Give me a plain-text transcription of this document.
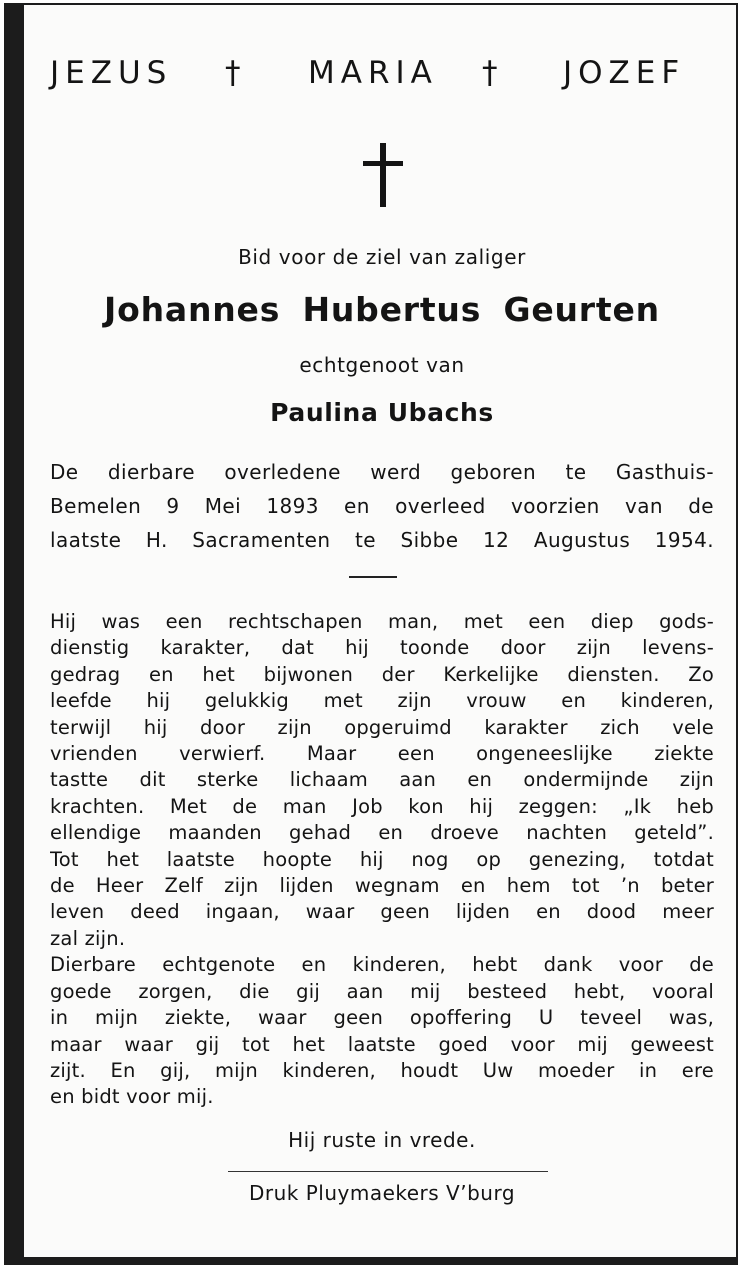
JEZUS † MARIA † JOZEF
Bid voor de ziel van zaliger
Johannes Hubertus Geurten
echtgenoot van
Paulina Ubachs
De dierbare overledene werd geboren te Gasthuis-
Bemelen 9 Mei 1893 en overleed voorzien van de
laatste H. Sacramenten te Sibbe 12 Augustus 1954.
Hij was een rechtschapen man, met een diep gods-
dienstig karakter, dat hij toonde door zijn levens-
gedrag en het bijwonen der Kerkelijke diensten. Zo
leefde hij gelukkig met zijn vrouw en kinderen,
terwijl hij door zijn opgeruimd karakter zich vele
vrienden verwierf. Maar een ongeneeslijke ziekte
tastte dit sterke lichaam aan en ondermijnde zijn
krachten. Met de man Job kon hij zeggen: „Ik heb
ellendige maanden gehad en droeve nachten geteld”.
Tot het laatste hoopte hij nog op genezing, totdat
de Heer Zelf zijn lijden wegnam en hem tot ’n beter
leven deed ingaan, waar geen lijden en dood meer
zal zijn.
Dierbare echtgenote en kinderen, hebt dank voor de
goede zorgen, die gij aan mij besteed hebt, vooral
in mijn ziekte, waar geen opoffering U teveel was,
maar waar gij tot het laatste goed voor mij geweest
zijt. En gij, mijn kinderen, houdt Uw moeder in ere
en bidt voor mij.
Hij ruste in vrede.
Druk Pluymaekers V’burg
